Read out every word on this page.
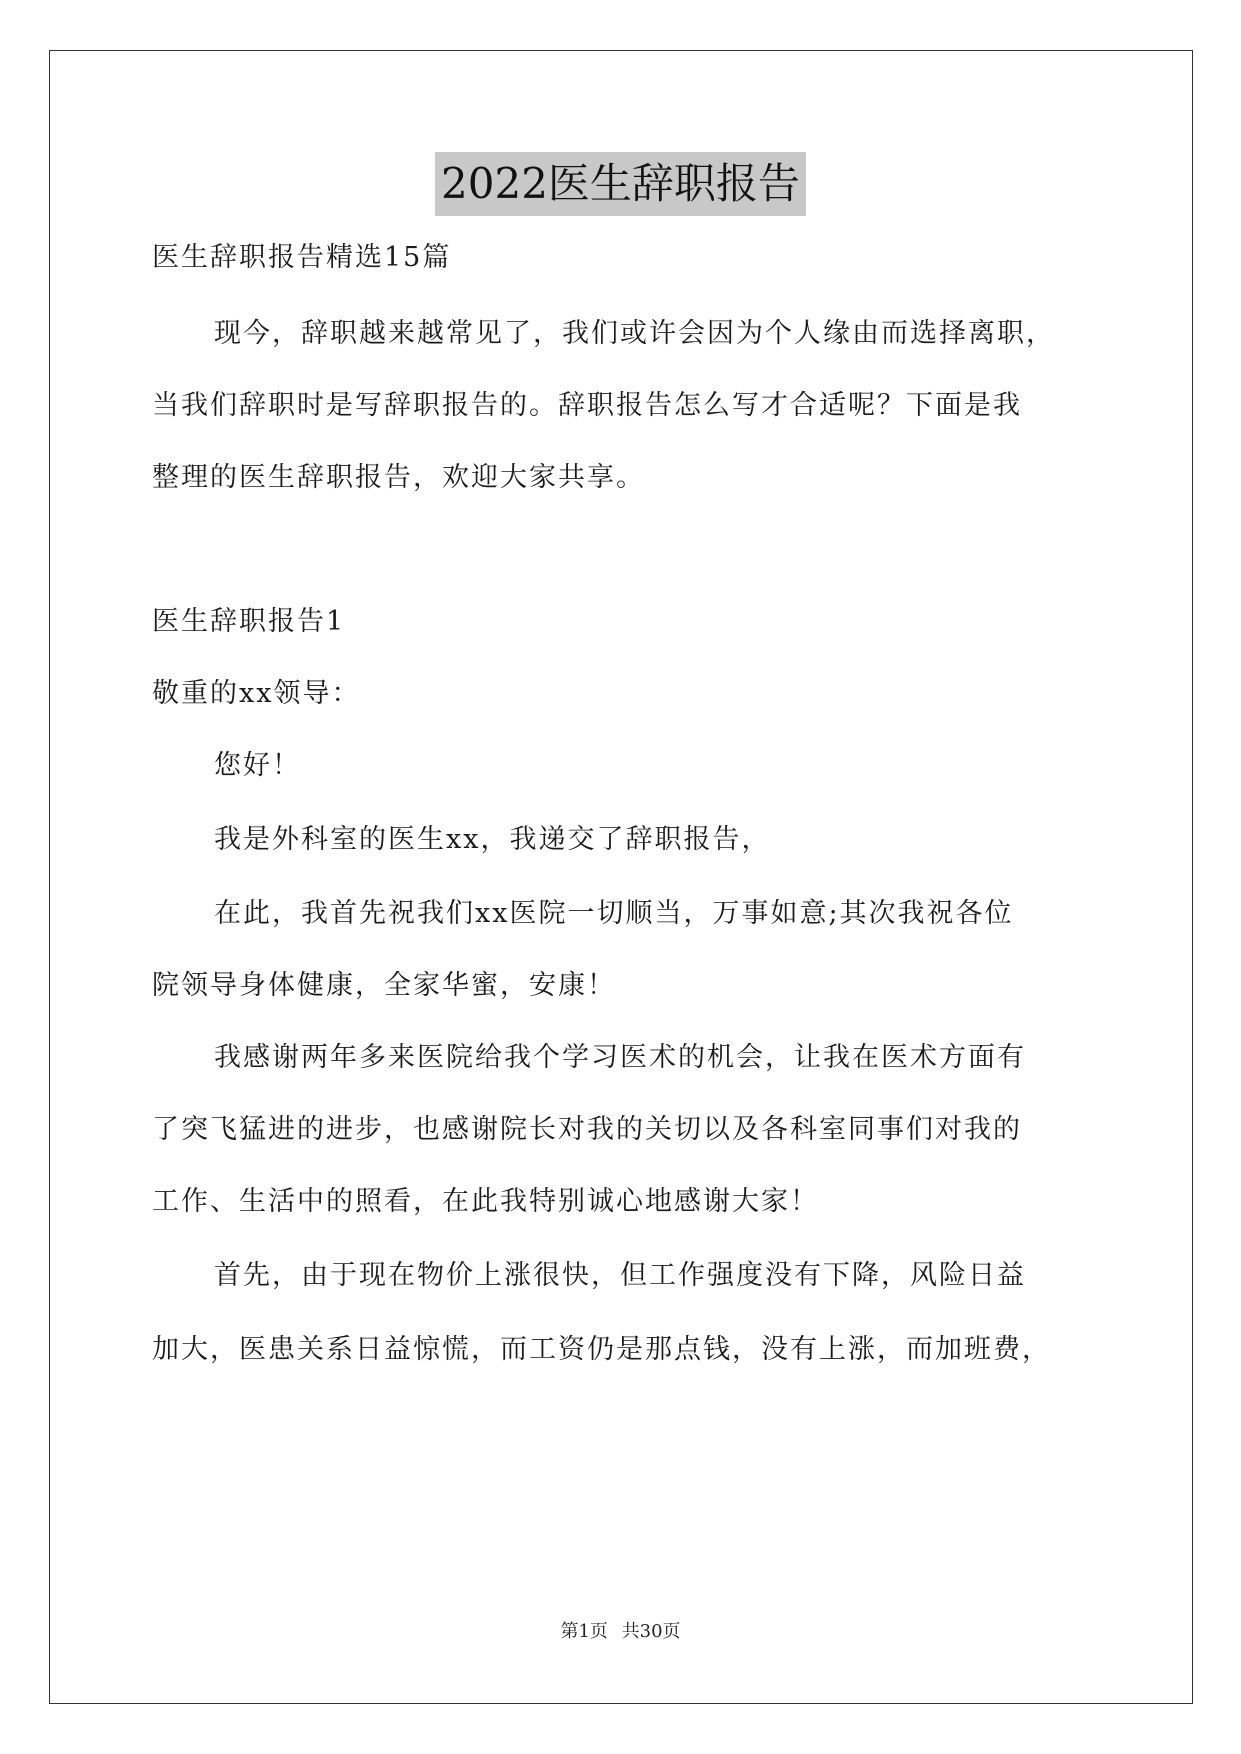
2022医生辞职报告
医生辞职报告精选15篇
现今，辞职越来越常见了，我们或许会因为个人缘由而选择离职，
当我们辞职时是写辞职报告的。辞职报告怎么写才合适呢？下面是我
整理的医生辞职报告，欢迎大家共享。
医生辞职报告1
敬重的xx领导：
您好！
我是外科室的医生xx，我递交了辞职报告，
在此，我首先祝我们xx医院一切顺当，万事如意;其次我祝各位
院领导身体健康，全家华蜜，安康！
我感谢两年多来医院给我个学习医术的机会，让我在医术方面有
了突飞猛进的进步，也感谢院长对我的关切以及各科室同事们对我的
工作、生活中的照看，在此我特别诚心地感谢大家！
首先，由于现在物价上涨很快，但工作强度没有下降，风险日益
加大，医患关系日益惊慌，而工资仍是那点钱，没有上涨，而加班费，
第1页 共30页
